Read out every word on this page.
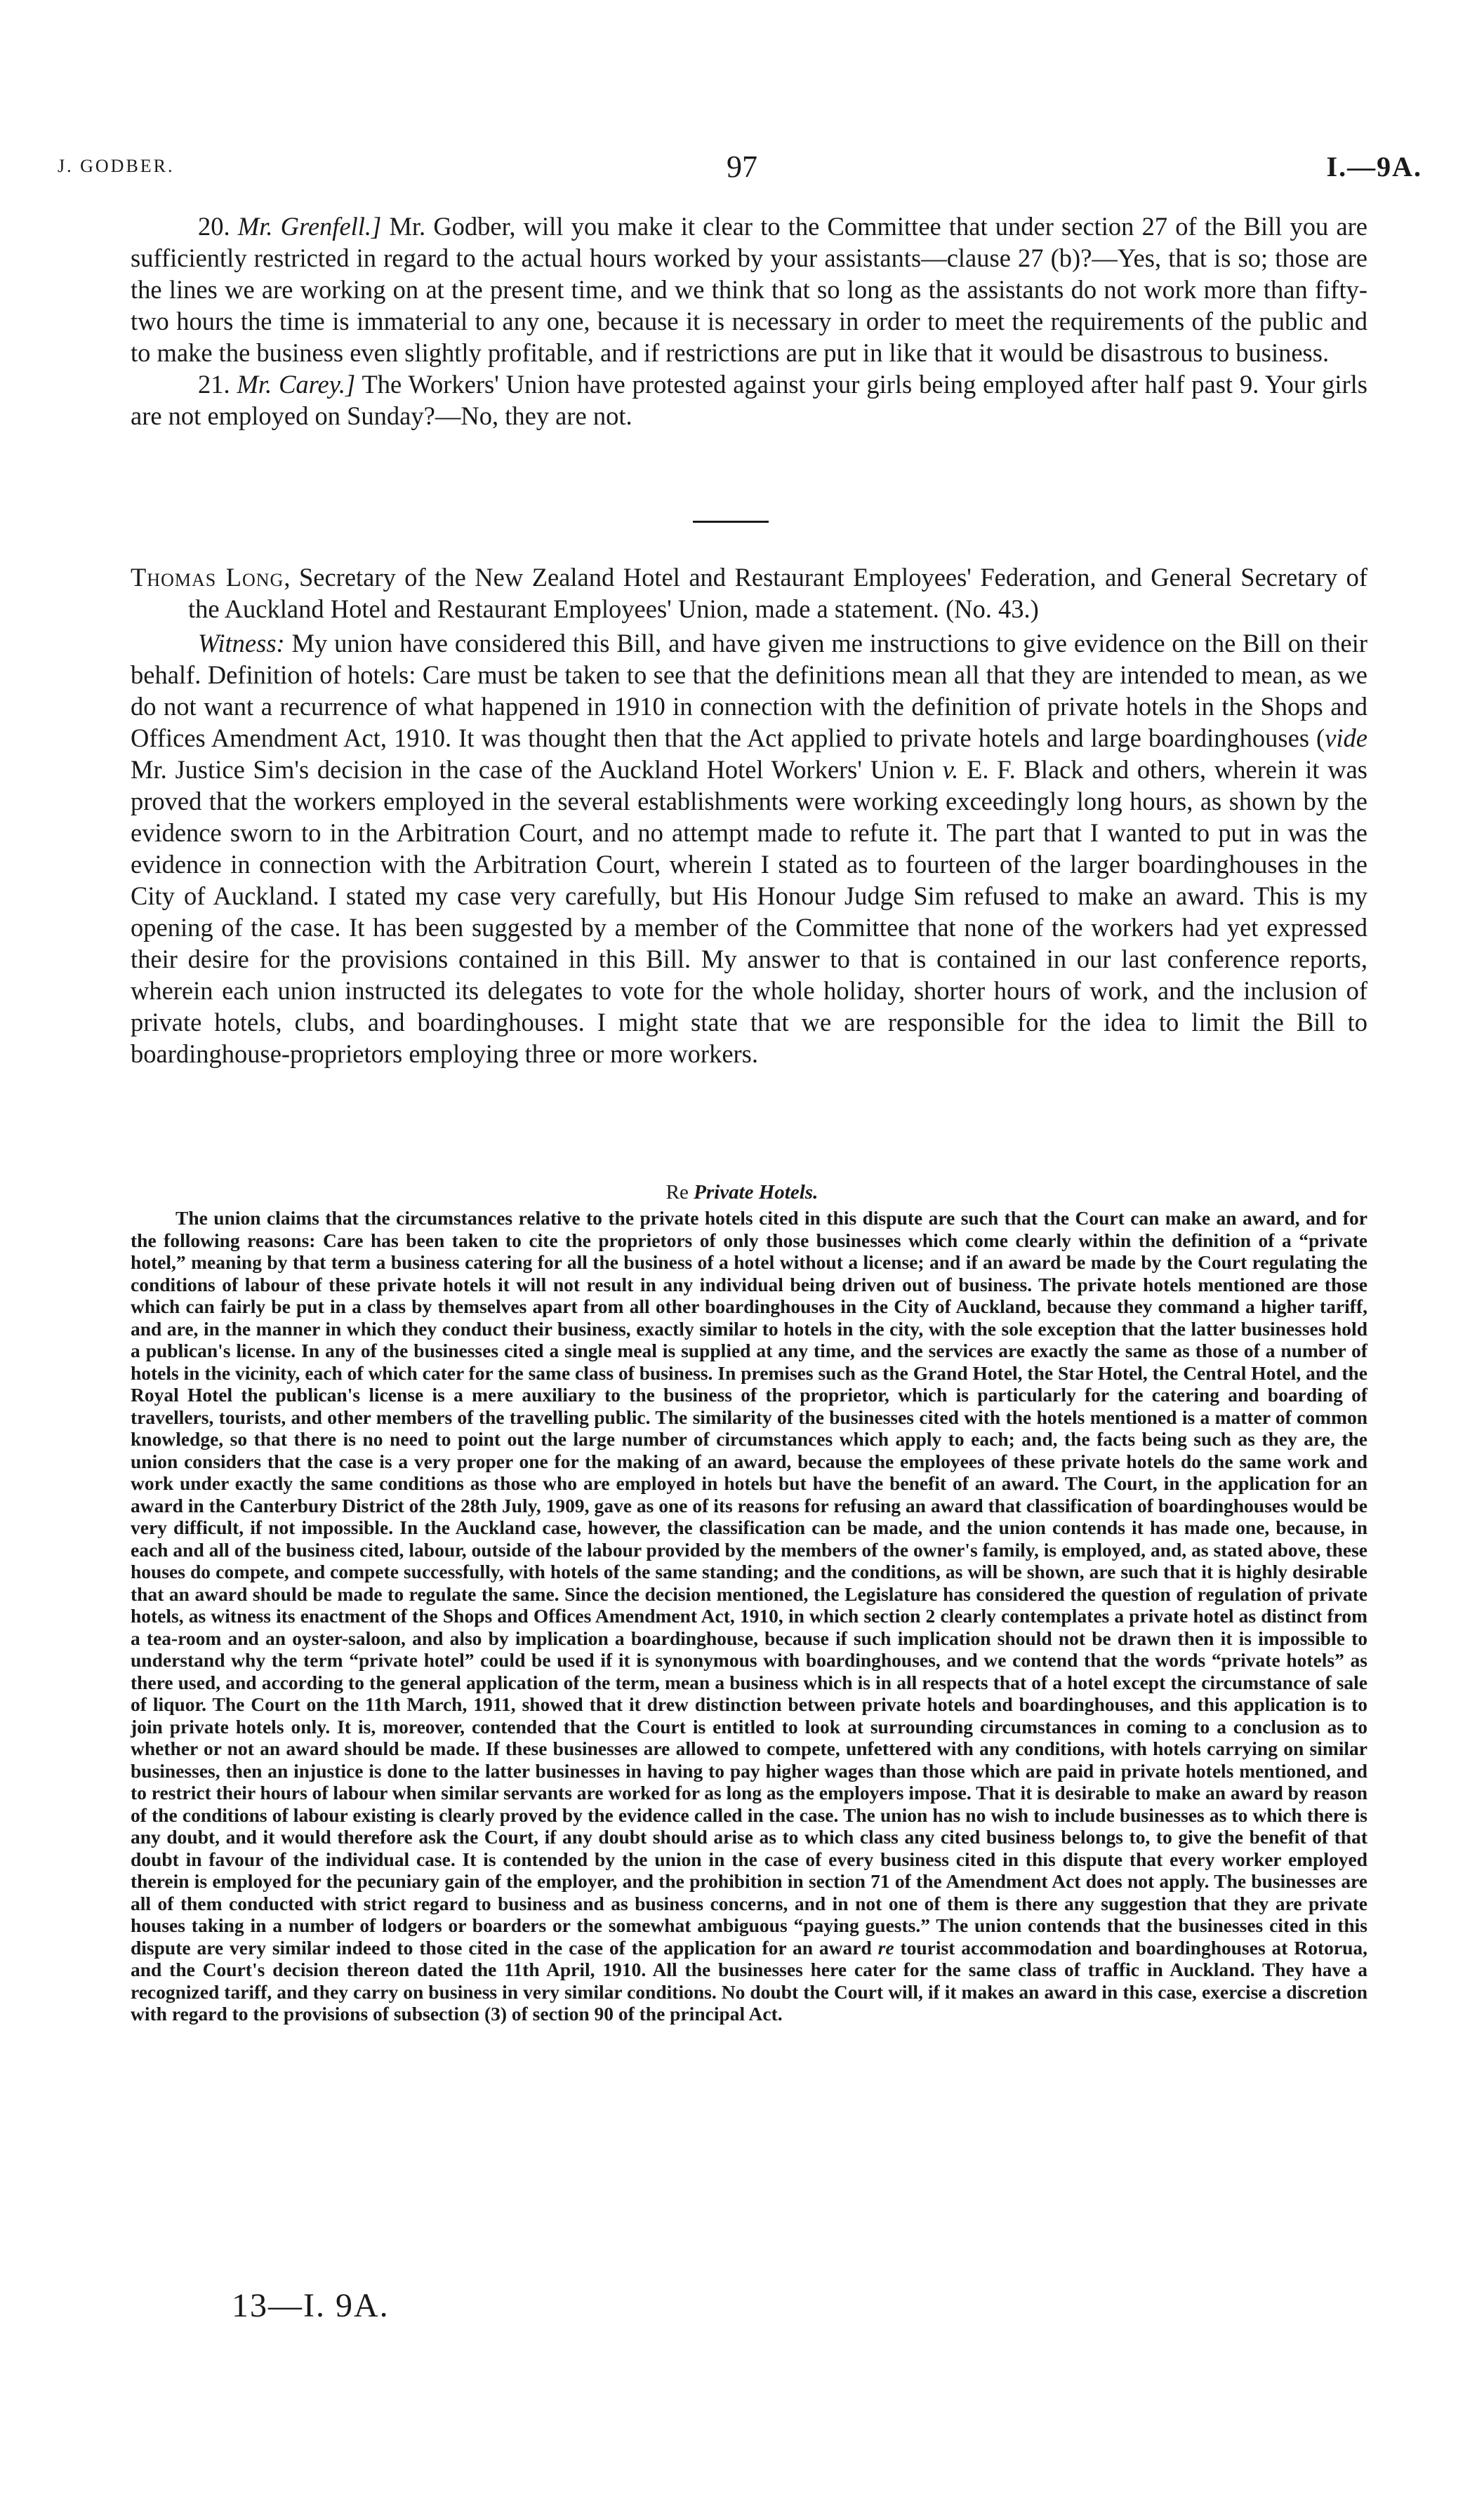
J. GODBER.	97	I.—9A.

20. Mr. Grenfell.] Mr. Godber, will you make it clear to the Committee that under section 27 of the Bill you are sufficiently restricted in regard to the actual hours worked by your assistants—clause 27 (b)?—Yes, that is so; those are the lines we are working on at the present time, and we think that so long as the assistants do not work more than fifty-two hours the time is immaterial to any one, because it is necessary in order to meet the requirements of the public and to make the business even slightly profitable, and if restrictions are put in like that it would be disastrous to business.

21. Mr. Carey.] The Workers' Union have protested against your girls being employed after half past 9. Your girls are not employed on Sunday?—No, they are not.

Thomas Long, Secretary of the New Zealand Hotel and Restaurant Employees' Federation, and General Secretary of the Auckland Hotel and Restaurant Employees' Union, made a statement. (No. 43.)

Witness: My union have considered this Bill, and have given me instructions to give evidence on the Bill on their behalf. Definition of hotels: Care must be taken to see that the definitions mean all that they are intended to mean, as we do not want a recurrence of what happened in 1910 in connection with the definition of private hotels in the Shops and Offices Amendment Act, 1910. It was thought then that the Act applied to private hotels and large boardinghouses (vide Mr. Justice Sim's decision in the case of the Auckland Hotel Workers' Union v. E. F. Black and others, wherein it was proved that the workers employed in the several establishments were working exceedingly long hours, as shown by the evidence sworn to in the Arbitration Court, and no attempt made to refute it. The part that I wanted to put in was the evidence in connection with the Arbitration Court, wherein I stated as to fourteen of the larger boardinghouses in the City of Auckland. I stated my case very carefully, but His Honour Judge Sim refused to make an award. This is my opening of the case. It has been suggested by a member of the Committee that none of the workers had yet expressed their desire for the provisions contained in this Bill. My answer to that is contained in our last conference reports, wherein each union instructed its delegates to vote for the whole holiday, shorter hours of work, and the inclusion of private hotels, clubs, and boardinghouses. I might state that we are responsible for the idea to limit the Bill to boardinghouse-proprietors employing three or more workers.

Re Private Hotels.

The union claims that the circumstances relative to the private hotels cited in this dispute are such that the Court can make an award, and for the following reasons: Care has been taken to cite the proprietors of only those businesses which come clearly within the definition of a “private hotel,” meaning by that term a business catering for all the business of a hotel without a license; and if an award be made by the Court regulating the conditions of labour of these private hotels it will not result in any individual being driven out of business. The private hotels mentioned are those which can fairly be put in a class by themselves apart from all other boardinghouses in the City of Auckland, because they command a higher tariff, and are, in the manner in which they conduct their business, exactly similar to hotels in the city, with the sole exception that the latter businesses hold a publican's license. In any of the businesses cited a single meal is supplied at any time, and the services are exactly the same as those of a number of hotels in the vicinity, each of which cater for the same class of business. In premises such as the Grand Hotel, the Star Hotel, the Central Hotel, and the Royal Hotel the publican's license is a mere auxiliary to the business of the proprietor, which is particularly for the catering and boarding of travellers, tourists, and other members of the travelling public. The similarity of the businesses cited with the hotels mentioned is a matter of common knowledge, so that there is no need to point out the large number of circumstances which apply to each; and, the facts being such as they are, the union considers that the case is a very proper one for the making of an award, because the employees of these private hotels do the same work and work under exactly the same conditions as those who are employed in hotels but have the benefit of an award. The Court, in the application for an award in the Canterbury District of the 28th July, 1909, gave as one of its reasons for refusing an award that classification of boardinghouses would be very difficult, if not impossible. In the Auckland case, however, the classification can be made, and the union contends it has made one, because, in each and all of the business cited, labour, outside of the labour provided by the members of the owner's family, is employed, and, as stated above, these houses do compete, and compete successfully, with hotels of the same standing; and the conditions, as will be shown, are such that it is highly desirable that an award should be made to regulate the same. Since the decision mentioned, the Legislature has considered the question of regulation of private hotels, as witness its enactment of the Shops and Offices Amendment Act, 1910, in which section 2 clearly contemplates a private hotel as distinct from a tea-room and an oyster-saloon, and also by implication a boardinghouse, because if such implication should not be drawn then it is impossible to understand why the term “private hotel” could be used if it is synonymous with boardinghouses, and we contend that the words “private hotels” as there used, and according to the general application of the term, mean a business which is in all respects that of a hotel except the circumstance of sale of liquor. The Court on the 11th March, 1911, showed that it drew distinction between private hotels and boardinghouses, and this application is to join private hotels only. It is, moreover, contended that the Court is entitled to look at surrounding circumstances in coming to a conclusion as to whether or not an award should be made. If these businesses are allowed to compete, unfettered with any conditions, with hotels carrying on similar businesses, then an injustice is done to the latter businesses in having to pay higher wages than those which are paid in private hotels mentioned, and to restrict their hours of labour when similar servants are worked for as long as the employers impose. That it is desirable to make an award by reason of the conditions of labour existing is clearly proved by the evidence called in the case. The union has no wish to include businesses as to which there is any doubt, and it would therefore ask the Court, if any doubt should arise as to which class any cited business belongs to, to give the benefit of that doubt in favour of the individual case. It is contended by the union in the case of every business cited in this dispute that every worker employed therein is employed for the pecuniary gain of the employer, and the prohibition in section 71 of the Amendment Act does not apply. The businesses are all of them conducted with strict regard to business and as business concerns, and in not one of them is there any suggestion that they are private houses taking in a number of lodgers or boarders or the somewhat ambiguous “paying guests.” The union contends that the businesses cited in this dispute are very similar indeed to those cited in the case of the application for an award re tourist accommodation and boardinghouses at Rotorua, and the Court's decision thereon dated the 11th April, 1910. All the businesses here cater for the same class of traffic in Auckland. They have a recognized tariff, and they carry on business in very similar conditions. No doubt the Court will, if it makes an award in this case, exercise a discretion with regard to the provisions of subsection (3) of section 90 of the principal Act.

13—I. 9A.
